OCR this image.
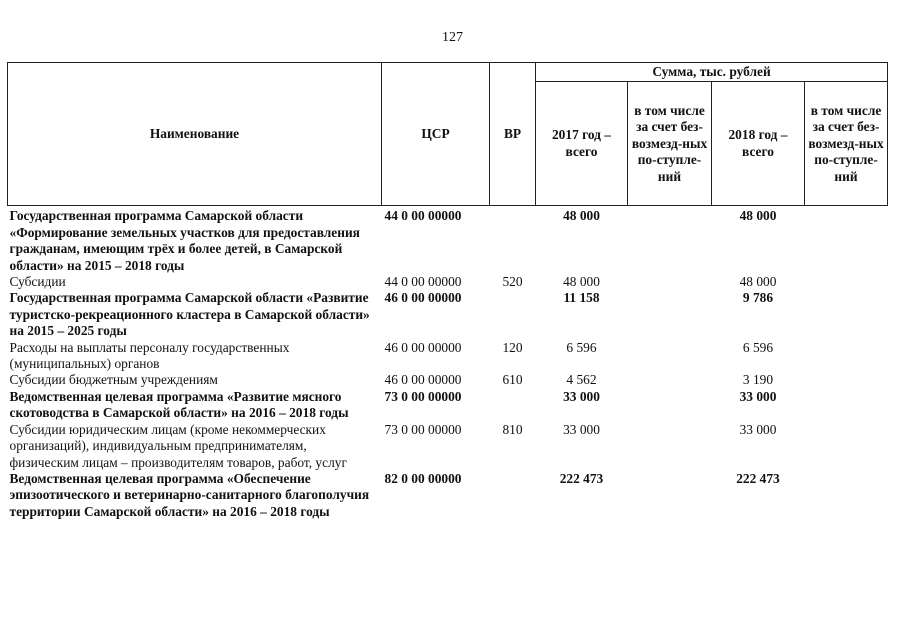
127
Наименование	ЦСР	ВР	Сумма, тыс. рублей			
			2017 год – всего	в том числе за счет без-возмезд-ных по-ступле-ний	2018 год – всего	в том числе за счет без-возмезд-ных по-ступле-ний
Государственная программа Самарской области «Формирование земельных участков для предоставления гражданам, имеющим трёх и более детей, в Самарской области» на 2015 – 2018 годы	44 0 00 00000		48 000		48 000	
Субсидии	44 0 00 00000	520	48 000		48 000	
Государственная программа Самарской области «Развитие туристско-рекреационного кластера в Самарской области» на 2015 – 2025 годы	46 0 00 00000		11 158		9 786	
Расходы на выплаты персоналу государственных (муниципальных) органов	46 0 00 00000	120	6 596		6 596	
Субсидии бюджетным учреждениям	46 0 00 00000	610	4 562		3 190	
Ведомственная целевая программа «Развитие мясного скотоводства в Самарской области» на 2016 – 2018 годы	73 0 00 00000		33 000		33 000	
Субсидии юридическим лицам (кроме некоммерческих организаций), индивидуальным предпринимателям, физическим лицам – производителям товаров, работ, услуг	73 0 00 00000	810	33 000		33 000	
Ведомственная целевая программа «Обеспечение эпизоотического и ветеринарно-санитарного благополучия территории Самарской области» на 2016 – 2018 годы	82 0 00 00000		222 473		222 473	
